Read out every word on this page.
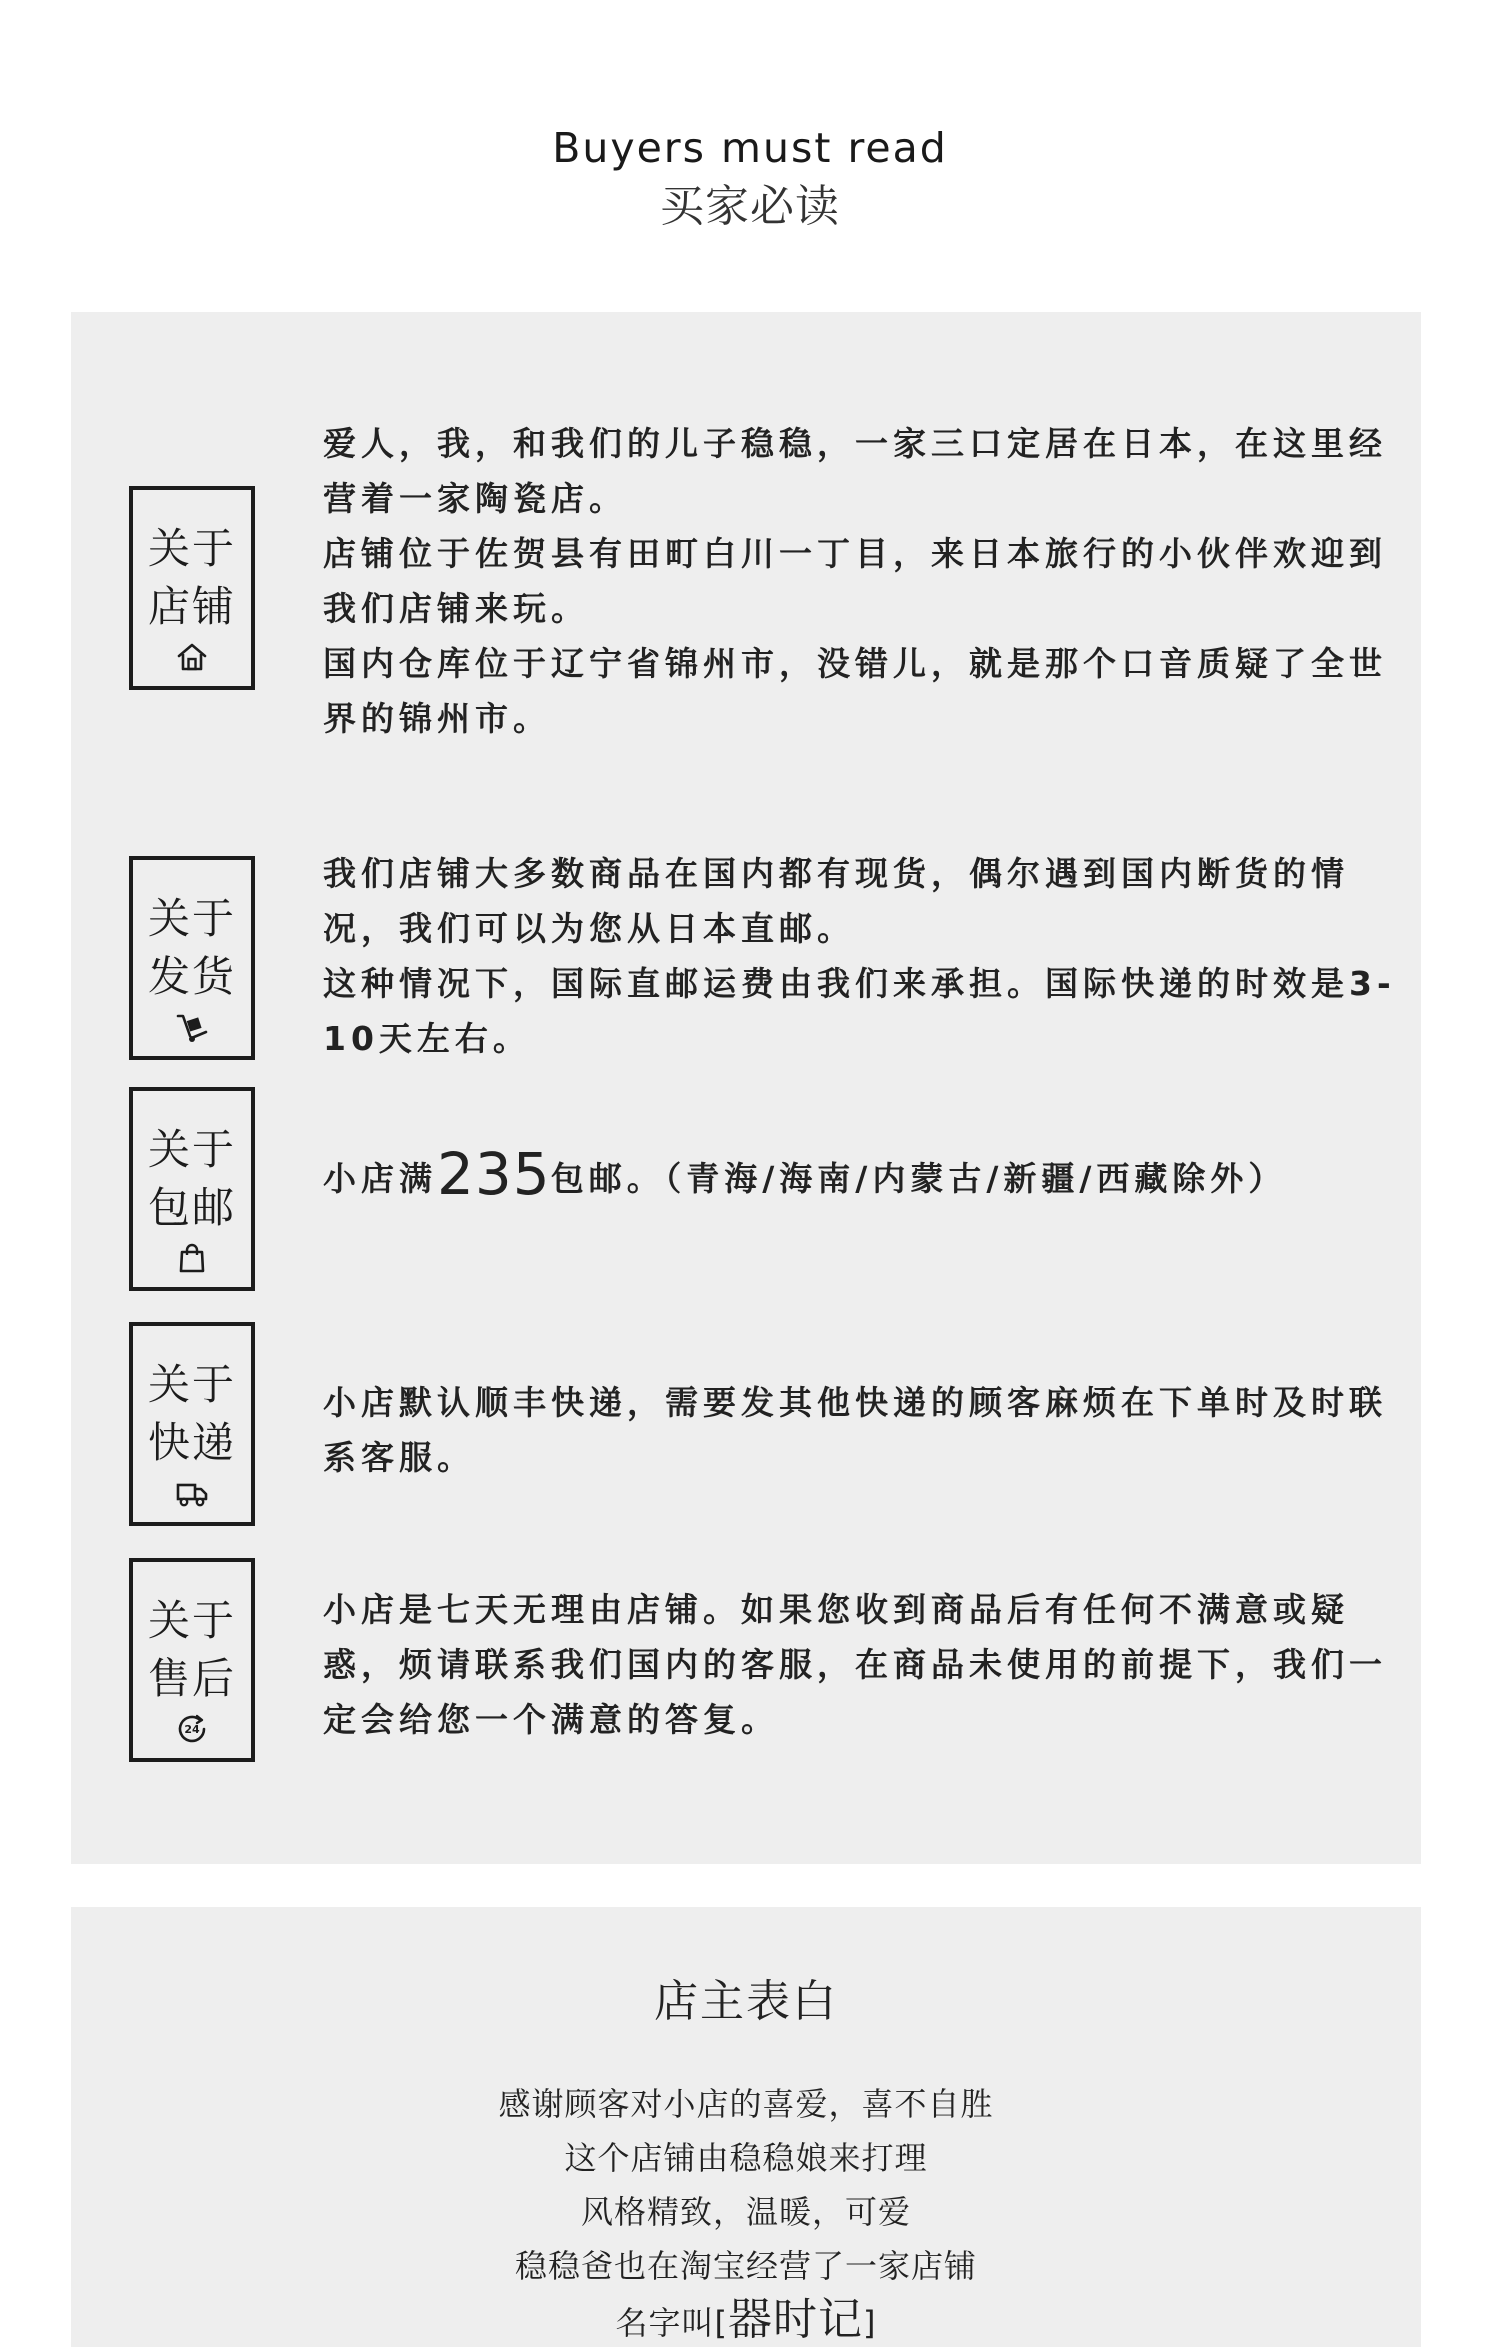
Buyers must read
买家必读
关于
店铺

爱人，我，和我们的儿子稳稳，一家三口定居在日本，在这里经营着一家陶瓷店。

店铺位于佐贺县有田町白川一丁目，来日本旅行的小伙伴欢迎到我们店铺来玩。

国内仓库位于辽宁省锦州市，没错儿，就是那个口音质疑了全世界的锦州市。

关于
发货

我们店铺大多数商品在国内都有现货，偶尔遇到国内断货的情况，我们可以为您从日本直邮。

这种情况下，国际直邮运费由我们来承担。国际快递的时效是3-10天左右。

关于
包邮

小店满235包邮。（青海/海南/内蒙古/新疆/西藏除外）

关于
快递

小店默认顺丰快递，需要发其他快递的顾客麻烦在下单时及时联系客服。

关于
售后
24

小店是七天无理由店铺。如果您收到商品后有任何不满意或疑惑，烦请联系我们国内的客服，在商品未使用的前提下，我们一定会给您一个满意的答复。

店主表白

感谢顾客对小店的喜爱，喜不自胜

这个店铺由稳稳娘来打理

风格精致，温暖，可爱

稳稳爸也在淘宝经营了一家店铺

名字叫[器时记]
